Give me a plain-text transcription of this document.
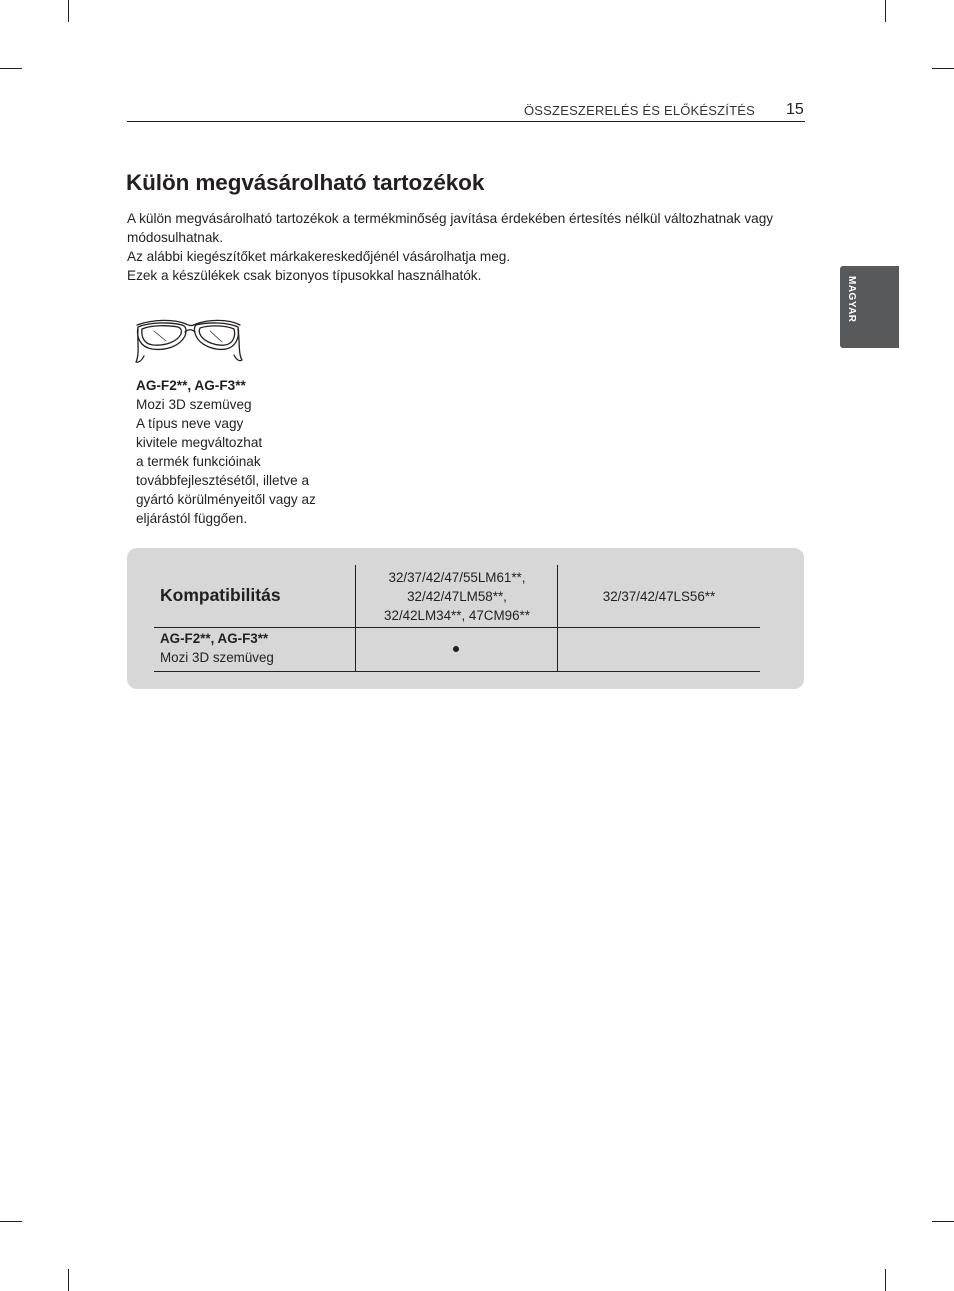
ÖSSZESZERELÉS ÉS ELŐKÉSZÍTÉS	15
MAGYAR
Külön megvásárolható tartozékok
A külön megvásárolható tartozékok a termékminőség javítása érdekében értesítés nélkül változhatnak vagy
módosulhatnak.
Az alábbi kiegészítőket márkakereskedőjénél vásárolhatja meg.
Ezek a készülékek csak bizonyos típusokkal használhatók.
AG-F2**, AG-F3**
Mozi 3D szemüveg
A típus neve vagy
kivitele megváltozhat
a termék funkcióinak
továbbfejlesztésétől, illetve a
gyártó körülményeitől vagy az
eljárástól függően.
Kompatibilitás
32/37/42/47/55LM61**,
32/42/47LM58**,
32/42LM34**, 47CM96**
32/37/42/47LS56**
AG-F2**, AG-F3**
Mozi 3D szemüveg
